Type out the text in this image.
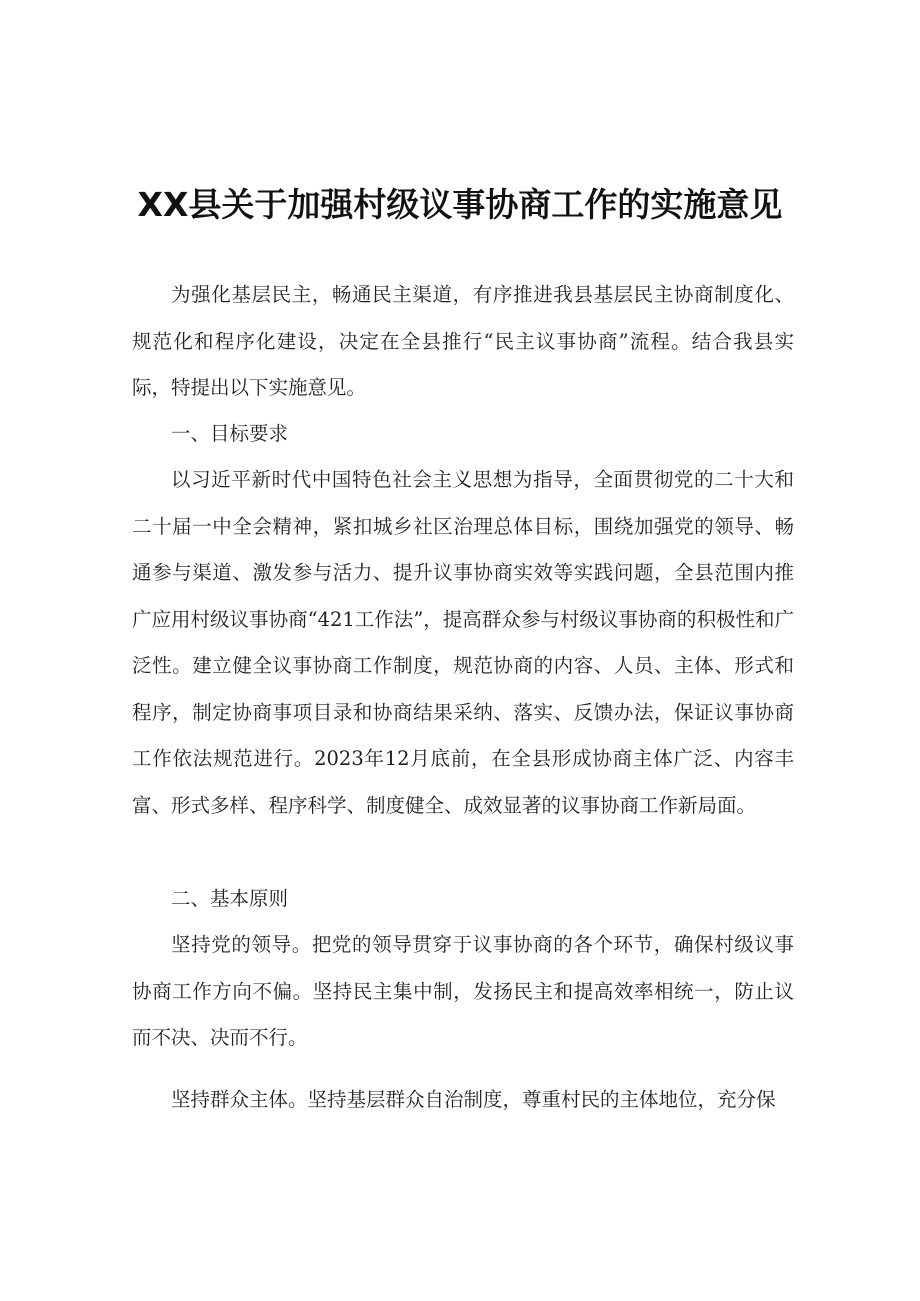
XX县关于加强村级议事协商工作的实施意见

为强化基层民主，畅通民主渠道，有序推进我县基层民主协商制度化、规范化和程序化建设，决定在全县推行“民主议事协商”流程。结合我县实际，特提出以下实施意见。

一、目标要求

以习近平新时代中国特色社会主义思想为指导，全面贯彻党的二十大和二十届一中全会精神，紧扣城乡社区治理总体目标，围绕加强党的领导、畅通参与渠道、激发参与活力、提升议事协商实效等实践问题，全县范围内推广应用村级议事协商“421工作法”，提高群众参与村级议事协商的积极性和广泛性。建立健全议事协商工作制度，规范协商的内容、人员、主体、形式和程序，制定协商事项目录和协商结果采纳、落实、反馈办法，保证议事协商工作依法规范进行。2023年12月底前，在全县形成协商主体广泛、内容丰富、形式多样、程序科学、制度健全、成效显著的议事协商工作新局面。

二、基本原则

坚持党的领导。把党的领导贯穿于议事协商的各个环节，确保村级议事协商工作方向不偏。坚持民主集中制，发扬民主和提高效率相统一，防止议而不决、决而不行。

坚持群众主体。坚持基层群众自治制度，尊重村民的主体地位，充分保
